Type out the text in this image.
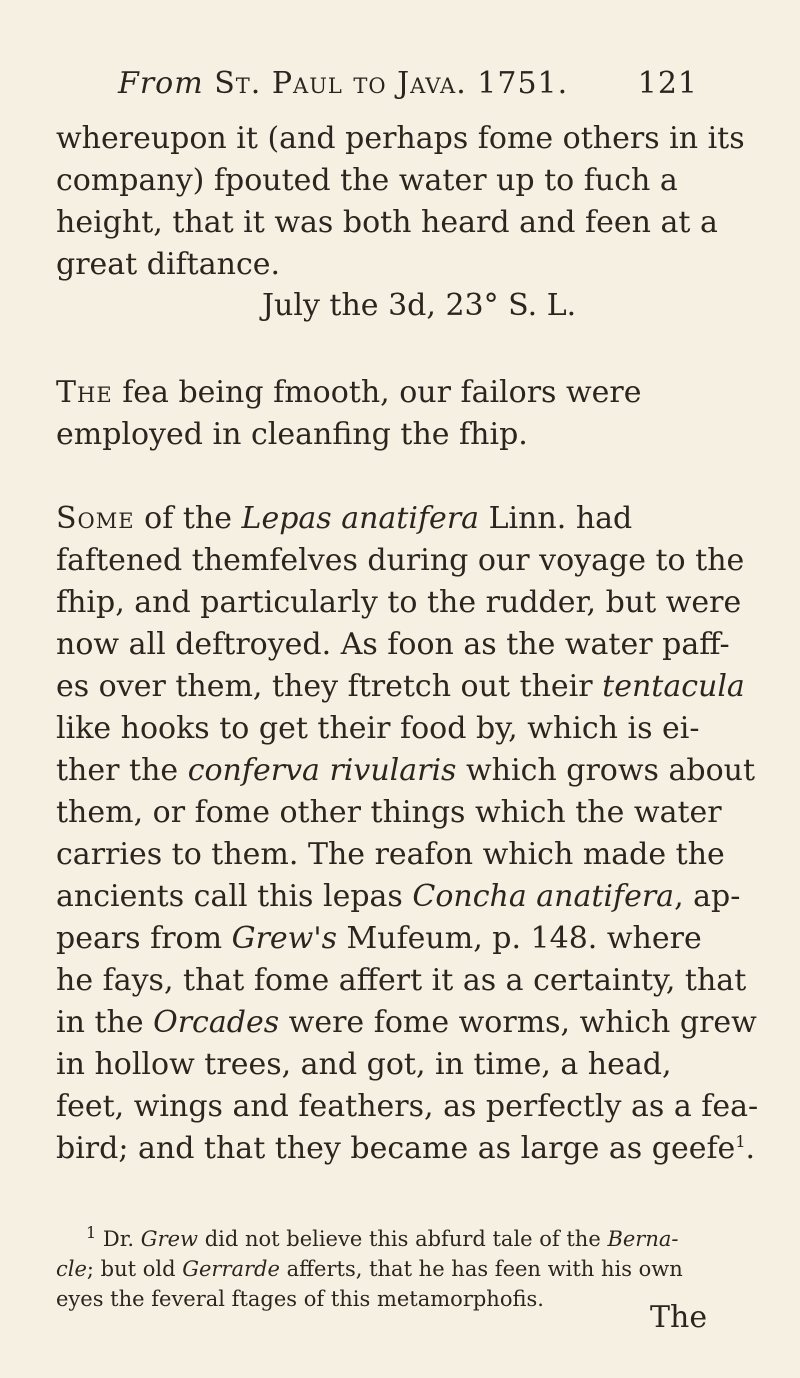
From St. Paul to Java. 1751. 121

whereupon it (and perhaps fome others in its

company) fpouted the water up to fuch a

height, that it was both heard and feen at a

great diftance.

July the 3d, 23° S. L.

The fea being fmooth, our failors were

employed in cleanfing the fhip.

Some of the Lepas anatifera Linn. had

faftened themfelves during our voyage to the

fhip, and particularly to the rudder, but were

now all deftroyed. As foon as the water paff-

es over them, they ftretch out their tentacula

like hooks to get their food by, which is ei-

ther the conferva rivularis which grows about

them, or fome other things which the water

carries to them. The reafon which made the

ancients call this lepas Concha anatifera, ap-

pears from Grew's Mufeum, p. 148. where

he fays, that fome affert it as a certainty, that

in the Orcades were fome worms, which grew

in hollow trees, and got, in time, a head,

feet, wings and feathers, as perfectly as a fea-

bird; and that they became as large as geefe$^1$.

$^1$ Dr. Grew did not believe this abfurd tale of the Berna-

cle; but old Gerrarde afferts, that he has feen with his own

eyes the feveral ftages of this metamorphofis.

The
